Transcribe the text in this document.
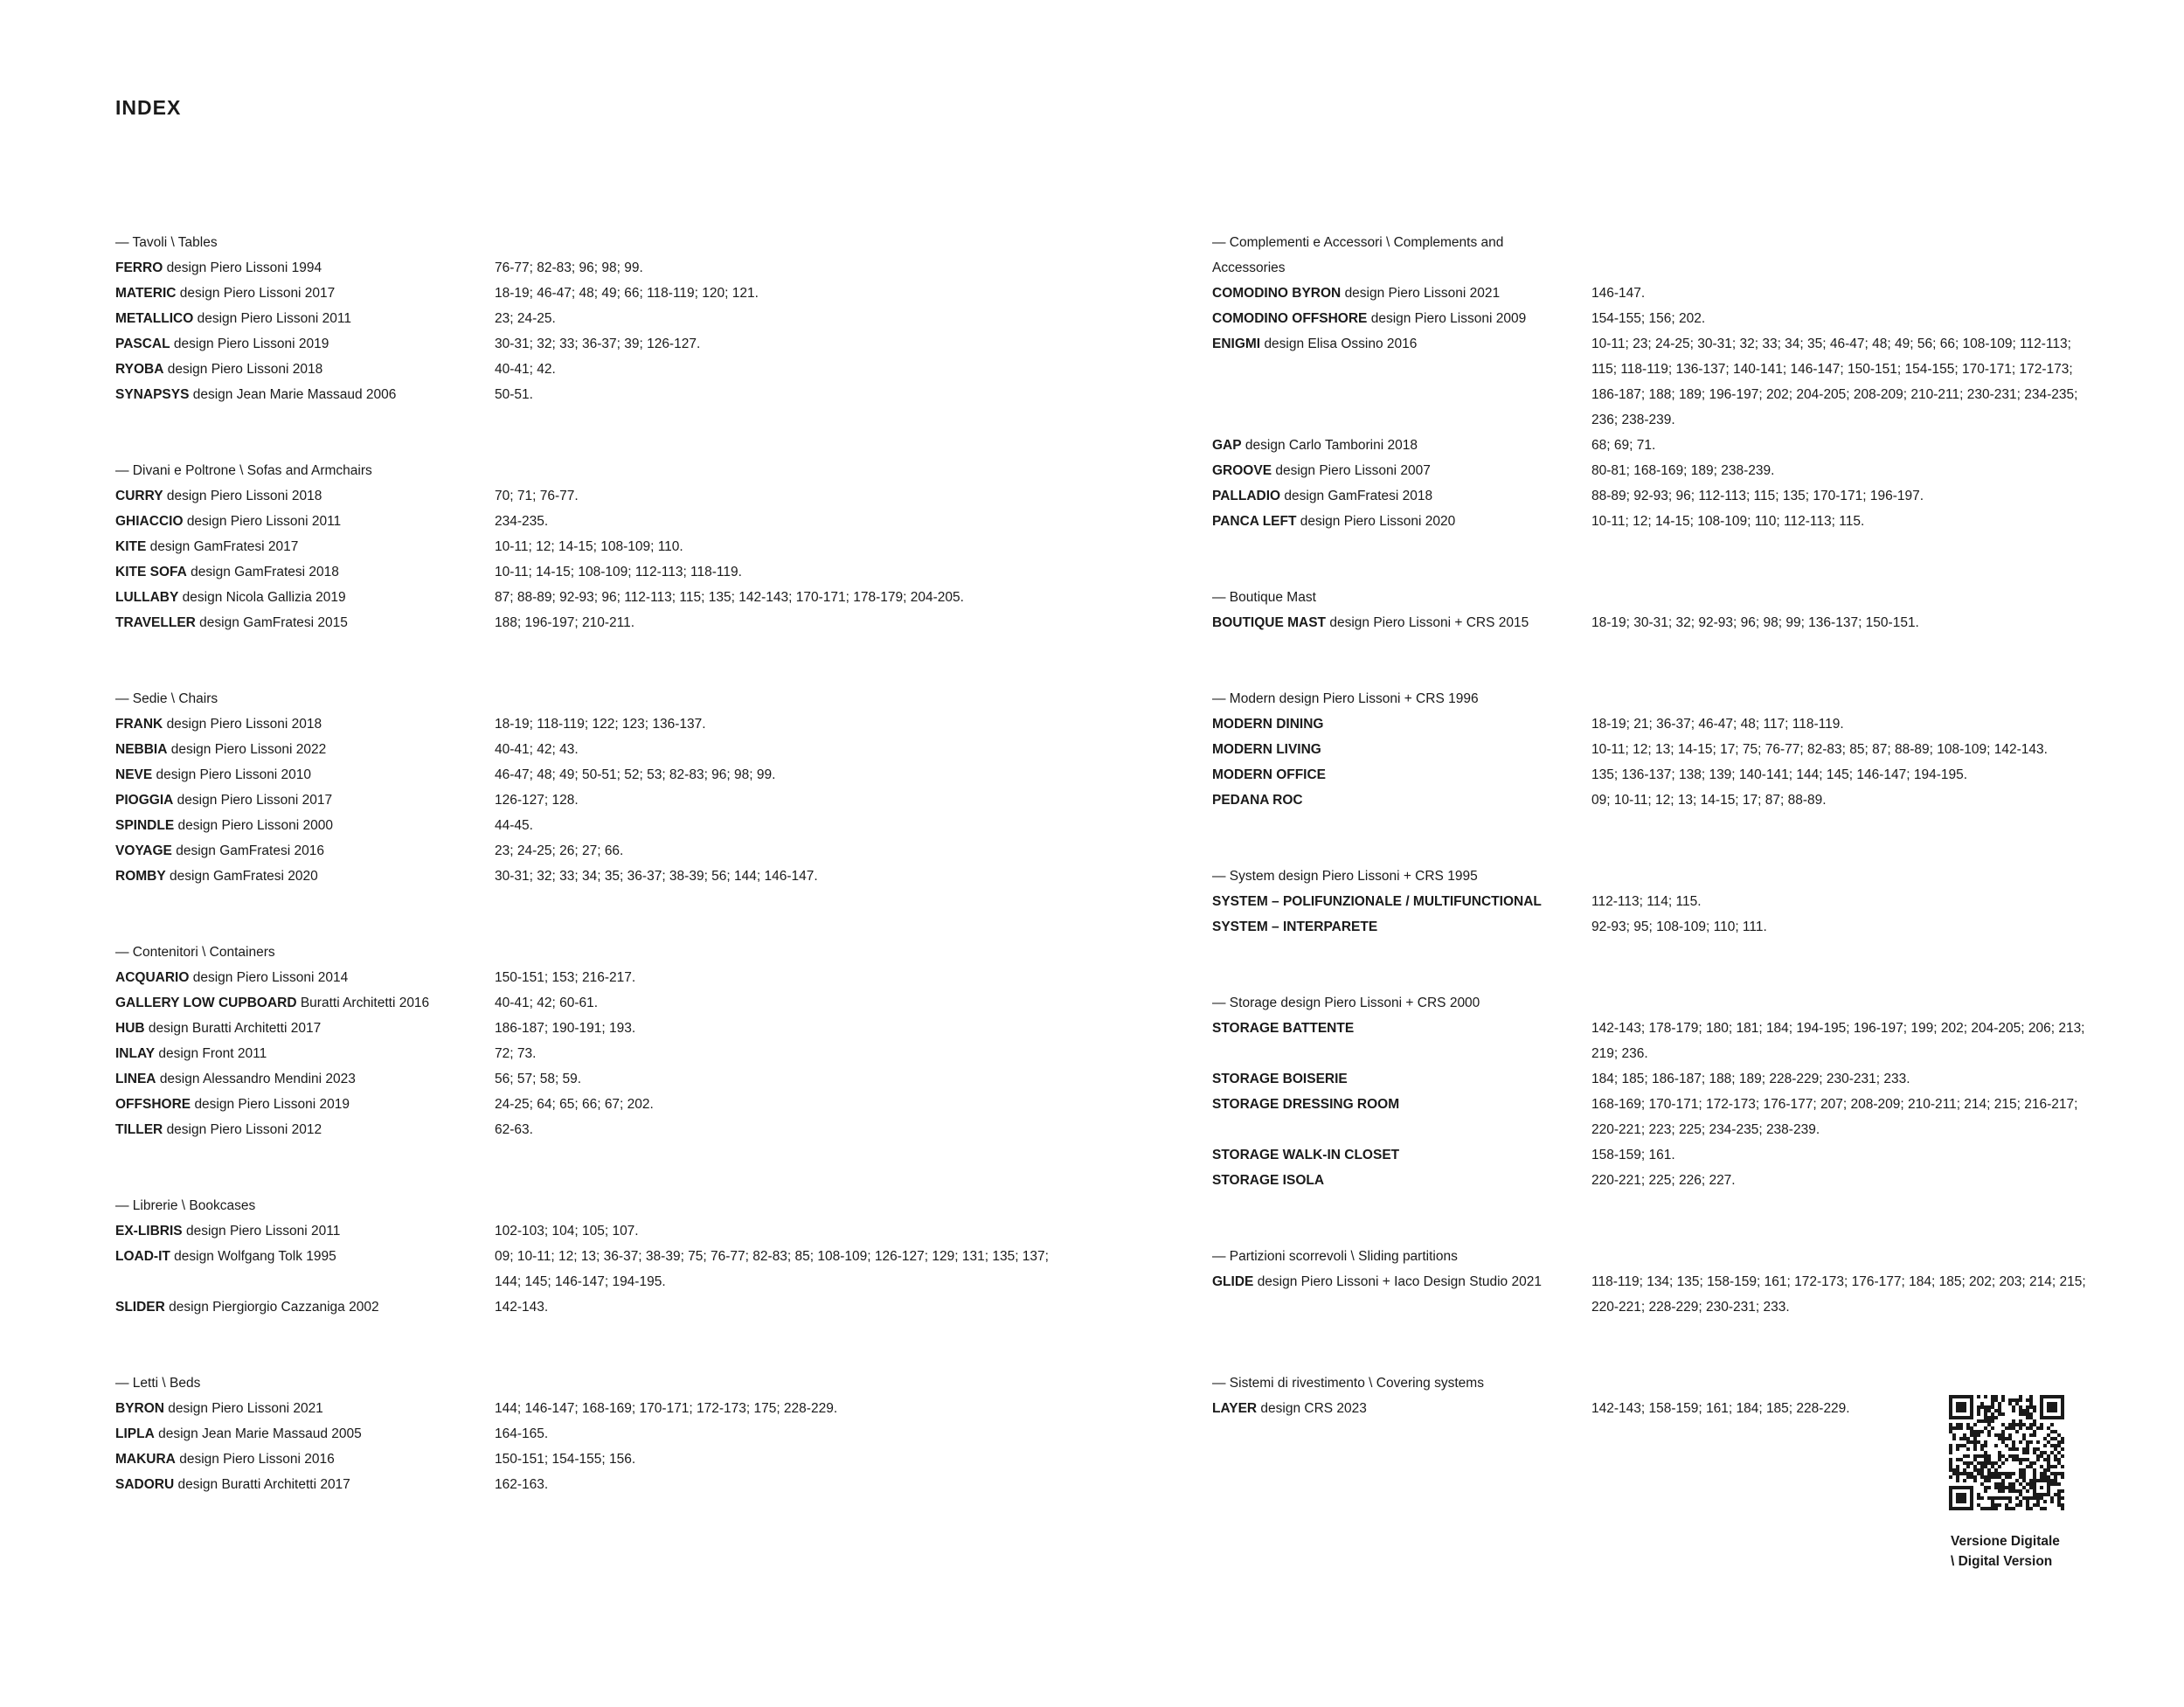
INDEX
— Tavoli \ Tables
FERRO design Piero Lissoni 1994	76-77; 82-83; 96; 98; 99.
MATERIC design Piero Lissoni 2017	18-19; 46-47; 48; 49; 66; 118-119; 120; 121.
METALLICO design Piero Lissoni 2011	23; 24-25.
PASCAL design Piero Lissoni 2019	30-31; 32; 33; 36-37; 39; 126-127.
RYOBA design Piero Lissoni 2018	40-41; 42.
SYNAPSYS design Jean Marie Massaud 2006	50-51.
— Divani e Poltrone \ Sofas and Armchairs
CURRY design Piero Lissoni 2018	70; 71; 76-77.
GHIACCIO design Piero Lissoni 2011	234-235.
KITE design GamFratesi 2017	10-11; 12; 14-15; 108-109; 110.
KITE SOFA design GamFratesi 2018	10-11; 14-15; 108-109; 112-113; 118-119.
LULLABY design Nicola Gallizia 2019	87; 88-89; 92-93; 96; 112-113; 115; 135; 142-143; 170-171; 178-179; 204-205.
TRAVELLER design GamFratesi 2015	188; 196-197; 210-211.
— Sedie \ Chairs
FRANK design Piero Lissoni 2018	18-19; 118-119; 122; 123; 136-137.
NEBBIA design Piero Lissoni 2022	40-41; 42; 43.
NEVE design Piero Lissoni 2010	46-47; 48; 49; 50-51; 52; 53; 82-83; 96; 98; 99.
PIOGGIA design Piero Lissoni 2017	126-127; 128.
SPINDLE design Piero Lissoni 2000	44-45.
VOYAGE design GamFratesi 2016	23; 24-25; 26; 27; 66.
ROMBY design GamFratesi 2020	30-31; 32; 33; 34; 35; 36-37; 38-39; 56; 144; 146-147.
— Contenitori \ Containers
ACQUARIO design Piero Lissoni 2014	150-151; 153; 216-217.
GALLERY LOW CUPBOARD Buratti Architetti 2016	40-41; 42; 60-61.
HUB design Buratti Architetti 2017	186-187; 190-191; 193.
INLAY design Front 2011	72; 73.
LINEA design Alessandro Mendini 2023	56; 57; 58; 59.
OFFSHORE design Piero Lissoni 2019	24-25; 64; 65; 66; 67; 202.
TILLER design Piero Lissoni 2012	62-63.
— Librerie \ Bookcases
EX-LIBRIS design Piero Lissoni 2011	102-103; 104; 105; 107.
LOAD-IT design Wolfgang Tolk 1995	09; 10-11; 12; 13; 36-37; 38-39; 75; 76-77; 82-83; 85; 108-109; 126-127; 129; 131; 135; 137; 144; 145; 146-147; 194-195.
SLIDER design Piergiorgio Cazzaniga 2002	142-143.
— Letti \ Beds
BYRON design Piero Lissoni 2021	144; 146-147; 168-169; 170-171; 172-173; 175; 228-229.
LIPLA design Jean Marie Massaud 2005	164-165.
MAKURA design Piero Lissoni 2016	150-151; 154-155; 156.
SADORU design Buratti Architetti 2017	162-163.
— Complementi e Accessori \ Complements and Accessories
COMODINO BYRON design Piero Lissoni 2021	146-147.
COMODINO OFFSHORE design Piero Lissoni 2009	154-155; 156; 202.
ENIGMI design Elisa Ossino 2016	10-11; 23; 24-25; 30-31; 32; 33; 34; 35; 46-47; 48; 49; 56; 66; 108-109; 112-113; 115; 118-119; 136-137; 140-141; 146-147; 150-151; 154-155; 170-171; 172-173; 186-187; 188; 189; 196-197; 202; 204-205; 208-209; 210-211; 230-231; 234-235; 236; 238-239.
GAP design Carlo Tamborini 2018	68; 69; 71.
GROOVE design Piero Lissoni 2007	80-81; 168-169; 189; 238-239.
PALLADIO design GamFratesi 2018	88-89; 92-93; 96; 112-113; 115; 135; 170-171; 196-197.
PANCA LEFT design Piero Lissoni 2020	10-11; 12; 14-15; 108-109; 110; 112-113; 115.
— Boutique Mast
BOUTIQUE MAST design Piero Lissoni + CRS 2015	18-19; 30-31; 32; 92-93; 96; 98; 99; 136-137; 150-151.
— Modern design Piero Lissoni + CRS 1996
MODERN DINING	18-19; 21; 36-37; 46-47; 48; 117; 118-119.
MODERN LIVING	10-11; 12; 13; 14-15; 17; 75; 76-77; 82-83; 85; 87; 88-89; 108-109; 142-143.
MODERN OFFICE	135; 136-137; 138; 139; 140-141; 144; 145; 146-147; 194-195.
PEDANA ROC	09; 10-11; 12; 13; 14-15; 17; 87; 88-89.
— System design Piero Lissoni + CRS 1995
SYSTEM – POLIFUNZIONALE / MULTIFUNCTIONAL	112-113; 114; 115.
SYSTEM – INTERPARETE	92-93; 95; 108-109; 110; 111.
— Storage design Piero Lissoni + CRS 2000
STORAGE BATTENTE	142-143; 178-179; 180; 181; 184; 194-195; 196-197; 199; 202; 204-205; 206; 213; 219; 236.
STORAGE BOISERIE	184; 185; 186-187; 188; 189; 228-229; 230-231; 233.
STORAGE DRESSING ROOM	168-169; 170-171; 172-173; 176-177; 207; 208-209; 210-211; 214; 215; 216-217; 220-221; 223; 225; 234-235; 238-239.
STORAGE WALK-IN CLOSET	158-159; 161.
STORAGE ISOLA	220-221; 225; 226; 227.
— Partizioni scorrevoli \ Sliding partitions
GLIDE design Piero Lissoni + Iaco Design Studio 2021	118-119; 134; 135; 158-159; 161; 172-173; 176-177; 184; 185; 202; 203; 214; 215; 220-221; 228-229; 230-231; 233.
— Sistemi di rivestimento \ Covering systems
LAYER design CRS 2023	142-143; 158-159; 161; 184; 185; 228-229.
Versione Digitale
\ Digital Version
